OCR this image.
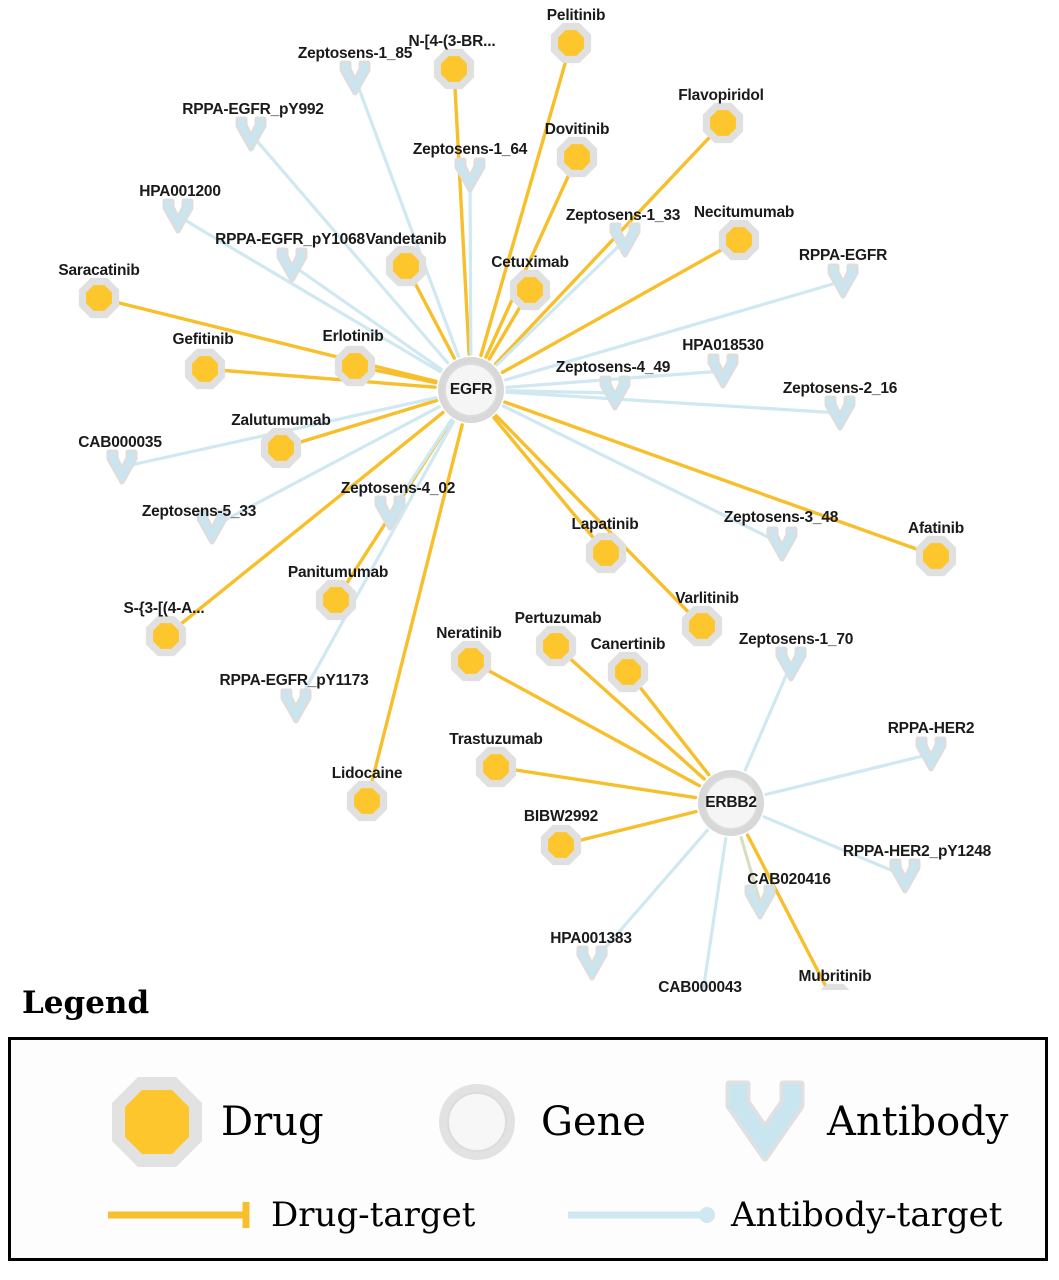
Pelitinib
N-[4-(3-BR...
Flavopiridol
Dovitinib
Necitumumab
Vandetanib
Cetuximab
Saracatinib
Gefitinib	Erlotinib
Zalutumumab
Afatinib
Lapatinib
Varlitinib
Panitumumab
S-{3-[(4-A...
Pertuzumab
Neratinib
Canertinib
Trastuzumab
Lidocaine
BIBW2992
Mubritinib
Zeptosens-1_85
RPPA-EGFR_pY992
Zeptosens-1_64
HPA001200
Zeptosens-1_33
RPPA-EGFR_pY1068
RPPA-EGFR
HPA018530
Zeptosens-4_49
Zeptosens-2_16
CAB000035
Zeptosens-5_33
Zeptosens-4_02
Zeptosens-3_48
Zeptosens-1_70
RPPA-EGFR_pY1173
RPPA-HER2
RPPA-HER2_pY1248
CAB020416
HPA001383
CAB000043
EGFR
ERBB2
Legend
Drug	Gene	Antibody
Drug-target	Antibody-target
